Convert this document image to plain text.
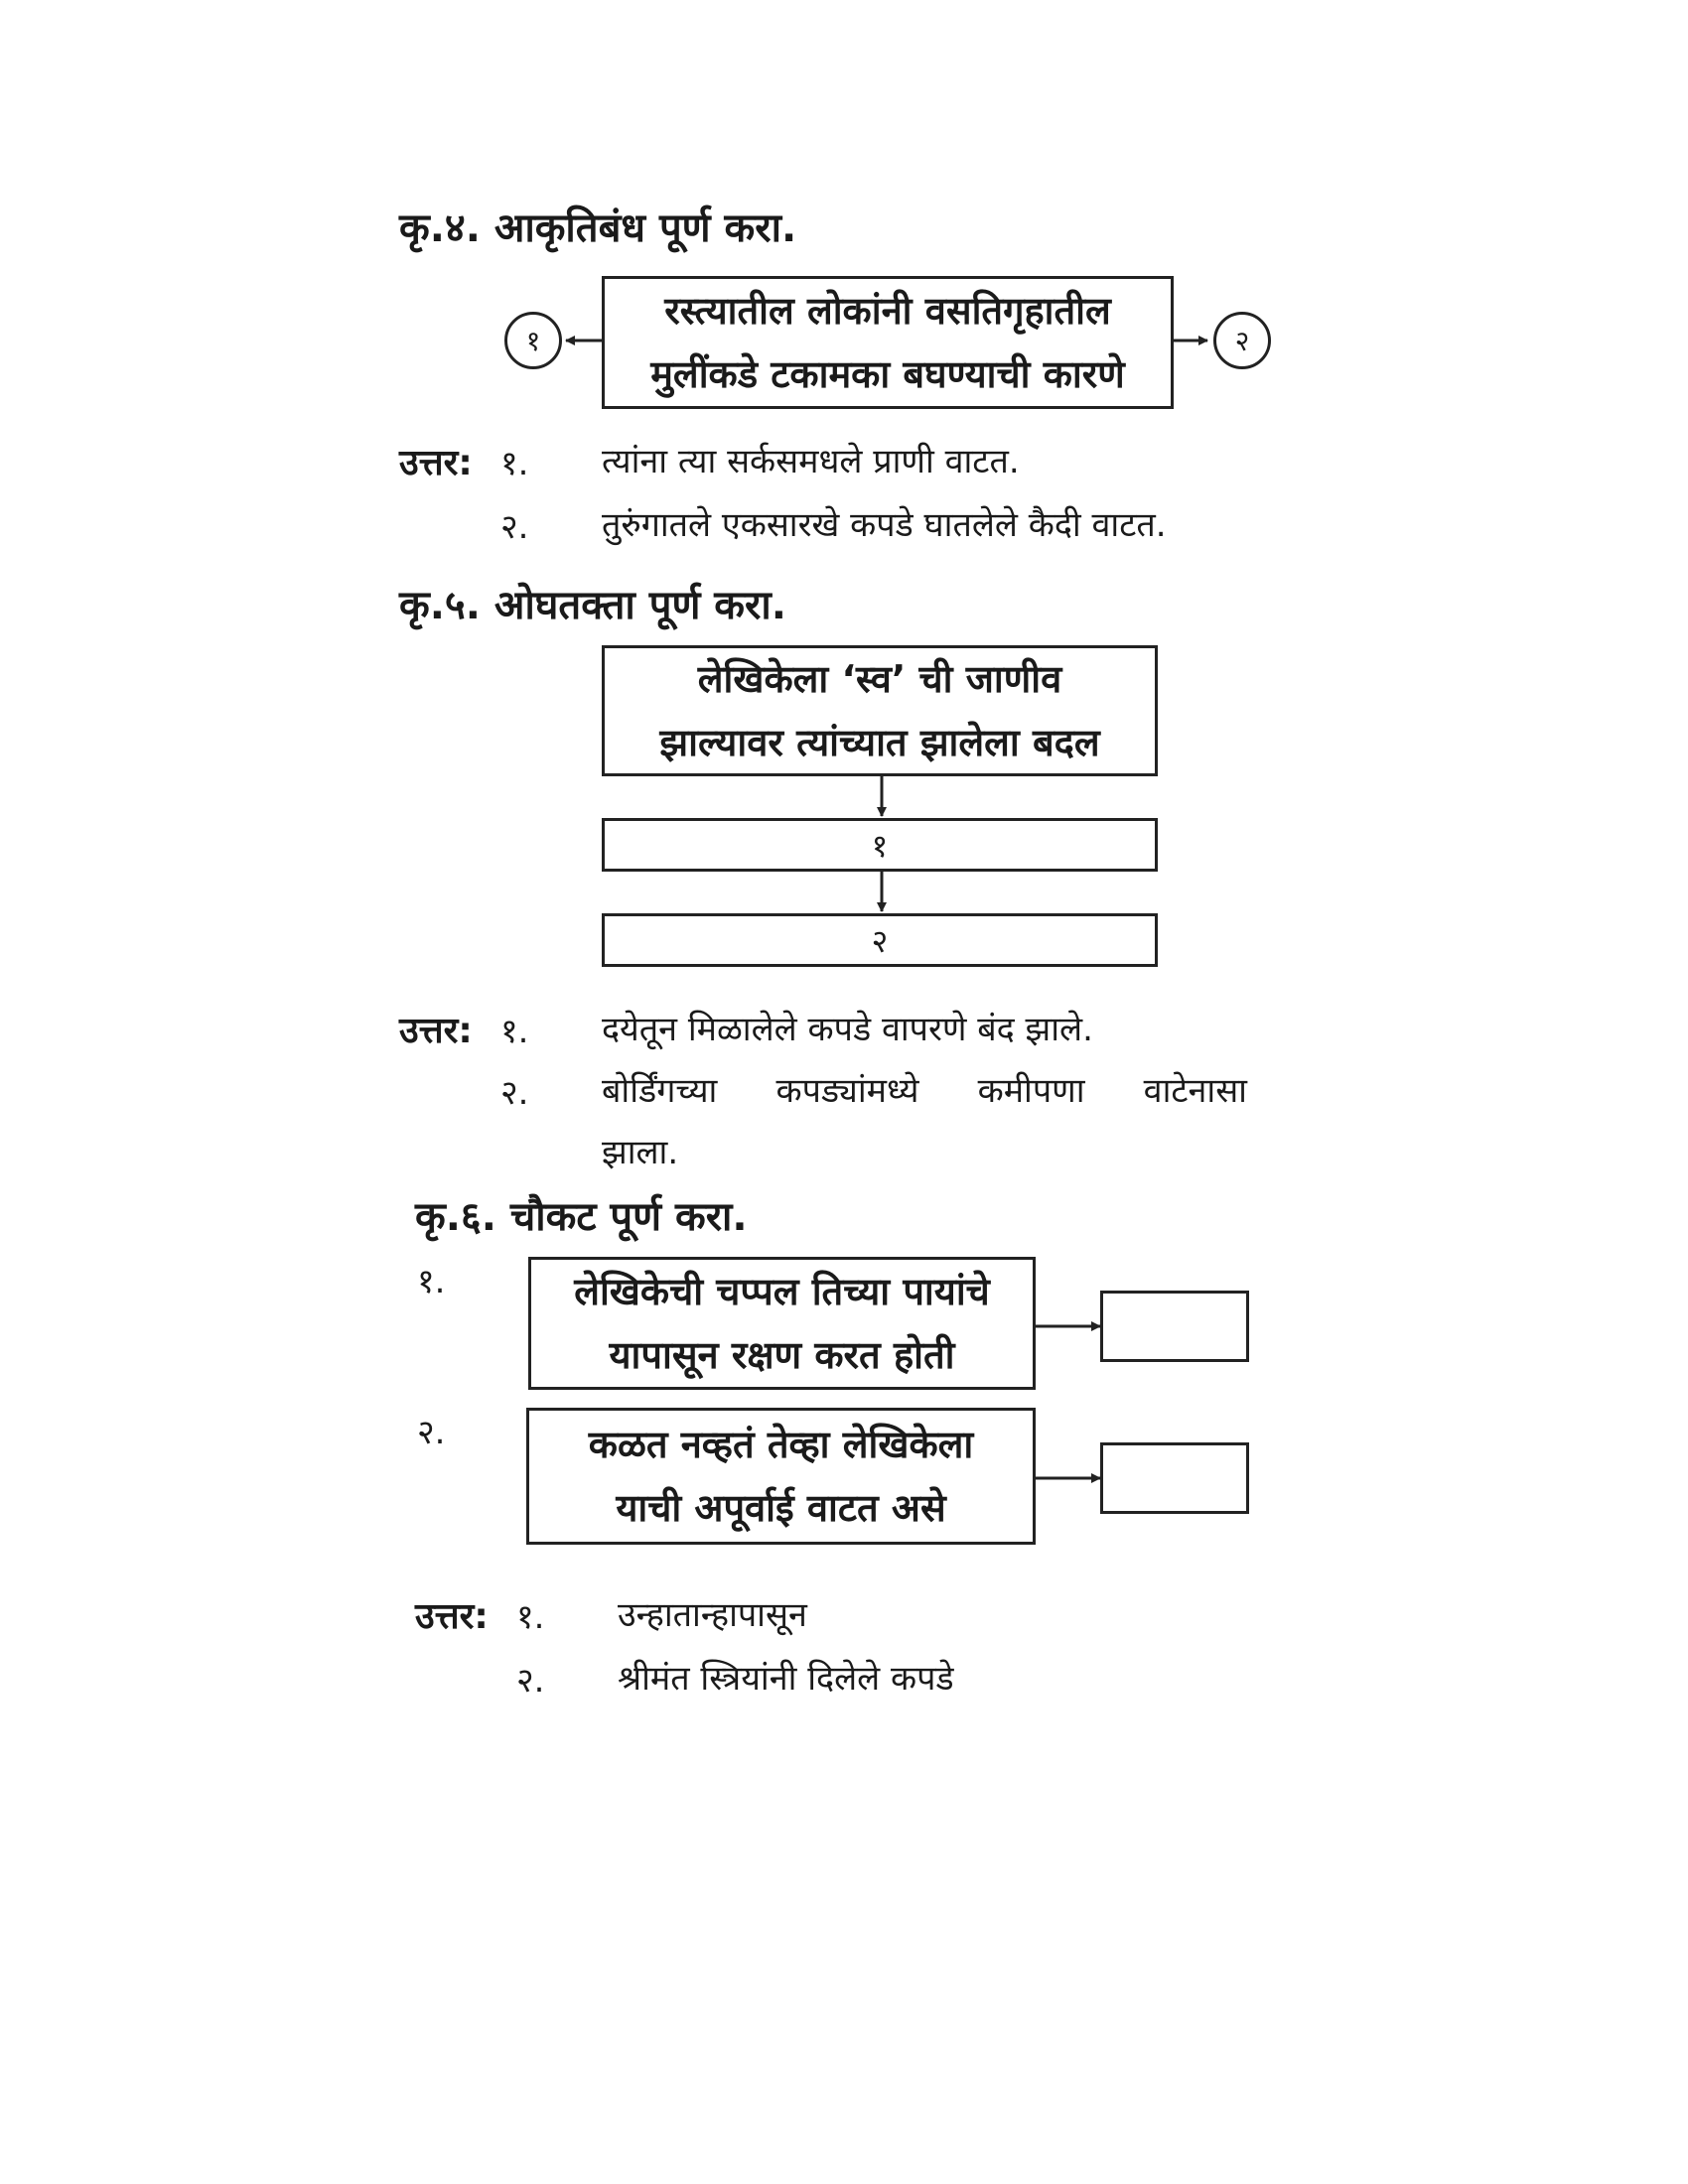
कृ.४. आकृतिबंध पूर्ण करा.
१
रस्त्यातील लोकांनी वसतिगृहातील
मुलींकडे टकामका बघण्याची कारणे
२
उत्तर: १. त्यांना त्या सर्कसमधले प्राणी वाटत.
२. तुरुंगातले एकसारखे कपडे घातलेले कैदी वाटत.
कृ.५. ओघतक्ता पूर्ण करा.
लेखिकेला ‘स्व’ ची जाणीव
झाल्यावर त्यांच्यात झालेला बदल
१
२
उत्तर: १. दयेतून मिळालेले कपडे वापरणे बंद झाले.
२. बोर्डिंगच्या कपड्यांमध्ये कमीपणा वाटेनासा
झाला.
कृ.६. चौकट पूर्ण करा.
१.	लेखिकेची चप्पल तिच्या पायांचे
यापासून रक्षण करत होती
२.	कळत नव्हतं तेव्हा लेखिकेला
याची अपूर्वाई वाटत असे
उत्तर: १. उन्हातान्हापासून
२. श्रीमंत स्त्रियांनी दिलेले कपडे
